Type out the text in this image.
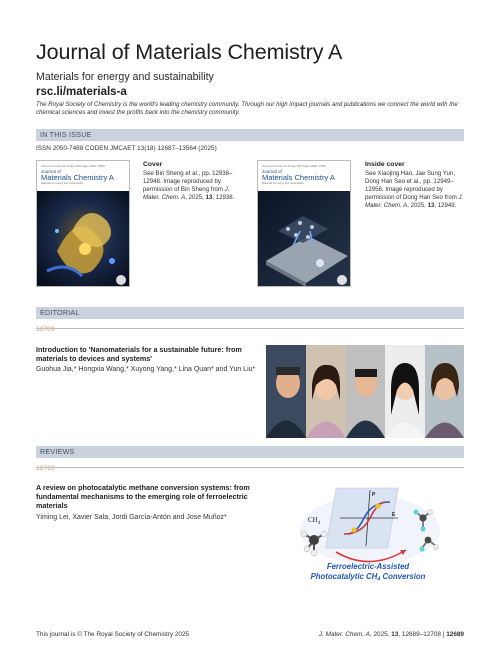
Journal of Materials Chemistry A
Materials for energy and sustainability
rsc.li/materials-a
The Royal Society of Chemistry is the world's leading chemistry community. Through our high impact journals and publications we connect the world with the chemical sciences and invest the profits back into the chemistry community.
IN THIS ISSUE
ISSN 2050-7488 CODEN JMCAET 13(18) 12687–13564 (2025)
Volume 13 Number 18 14 May 2025 Pages 12687–13564
Journal of
Materials Chemistry A
Materials for energy and sustainability
Cover
See Bin Sheng et al., pp. 12938–12948. Image reproduced by permission of Bin Sheng from J. Mater. Chem. A, 2025, 13, 12938.
Volume 13 Number 18 14 May 2025 Pages 12687–13564
Journal of
Materials Chemistry A
Materials for energy and sustainability
Inside cover
See Xiaojing Hao, Jae Sung Yun, Dong Han Seo et al., pp. 12949–12956. Image reproduced by permission of Dong Han Seo from J. Mater. Chem. A, 2025, 13, 12949.
EDITORIAL
12709
Introduction to 'Nanomaterials for a sustainable future: from materials to devices and systems'
Guohua Jia,* Hongxia Wang,* Xuyong Yang,* Lina Quan* and Yun Liu*
REVIEWS
12712
A review on photocatalytic methane conversion systems: from fundamental mechanisms to the emerging role of ferroelectric materials
Yiming Lei, Xavier Sala, Jordi García-Antón and Jose Muñoz*	$CH_4$
P
E
Ferroelectric-Assisted
Photocatalytic CH4 Conversion
This journal is © The Royal Society of Chemistry 2025	J. Mater. Chem. A, 2025, 13, 12689–12708 | 12689
